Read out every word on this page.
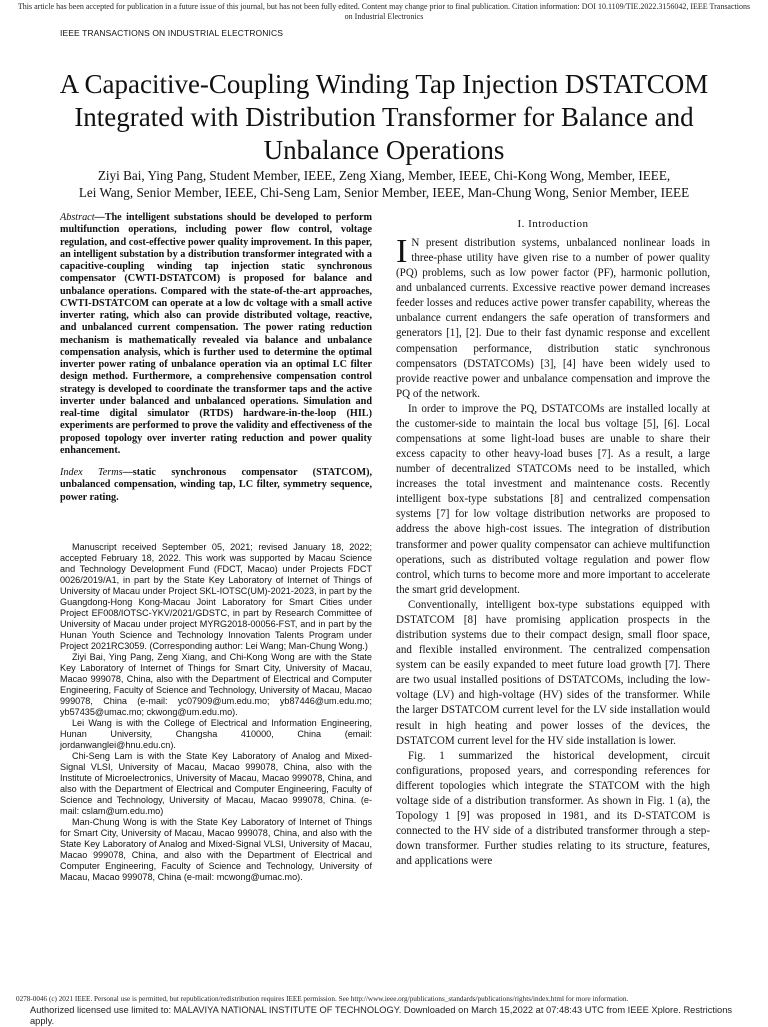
This article has been accepted for publication in a future issue of this journal, but has not been fully edited. Content may change prior to final publication. Citation information: DOI 10.1109/TIE.2022.3156042, IEEE Transactions on Industrial Electronics
IEEE TRANSACTIONS ON INDUSTRIAL ELECTRONICS
A Capacitive-Coupling Winding Tap Injection DSTATCOM Integrated with Distribution Transformer for Balance and Unbalance Operations
Ziyi Bai, Ying Pang, Student Member, IEEE, Zeng Xiang, Member, IEEE, Chi-Kong Wong, Member, IEEE,
Lei Wang, Senior Member, IEEE, Chi-Seng Lam, Senior Member, IEEE, Man-Chung Wong, Senior Member, IEEE

Abstract—The intelligent substations should be developed to perform multifunction operations, including power flow control, voltage regulation, and cost-effective power quality improvement. In this paper, an intelligent substation by a distribution transformer integrated with a capacitive-coupling winding tap injection static synchronous compensator (CWTI-DSTATCOM) is proposed for balance and unbalance operations. Compared with the state-of-the-art approaches, CWTI-DSTATCOM can operate at a low dc voltage with a small active inverter rating, which also can provide distributed voltage, reactive, and unbalanced current compensation. The power rating reduction mechanism is mathematically revealed via balance and unbalance compensation analysis, which is further used to determine the optimal inverter power rating of unbalance operation via an optimal LC filter design method. Furthermore, a comprehensive compensation control strategy is developed to coordinate the transformer taps and the active inverter under balanced and unbalanced operations. Simulation and real-time digital simulator (RTDS) hardware-in-the-loop (HIL) experiments are performed to prove the validity and effectiveness of the proposed topology over inverter rating reduction and power quality enhancement.

Index Terms—static synchronous compensator (STATCOM), unbalanced compensation, winding tap, LC filter, symmetry sequence, power rating.

Manuscript received September 05, 2021; revised January 18, 2022; accepted February 18, 2022. This work was supported by Macau Science and Technology Development Fund (FDCT, Macao) under Projects FDCT 0026/2019/A1, in part by the State Key Laboratory of Internet of Things of University of Macau under Project SKL-IOTSC(UM)-2021-2023, in part by the Guangdong-Hong Kong-Macau Joint Laboratory for Smart Cities under Project EF008/IOTSC-YKV/2021/GDSTC, in part by Research Committee of University of Macau under project MYRG2018-00056-FST, and in part by the Hunan Youth Science and Technology Innovation Talents Program under Project 2021RC3059. (Corresponding author: Lei Wang; Man-Chung Wong.)

Ziyi Bai, Ying Pang, Zeng Xiang, and Chi-Kong Wong are with the State Key Laboratory of Internet of Things for Smart City, University of Macau, Macao 999078, China, also with the Department of Electrical and Computer Engineering, Faculty of Science and Technology, University of Macau, Macao 999078, China (e-mail: yc07909@um.edu.mo; yb87446@um.edu.mo; yb57435@umac.mo; ckwong@um.edu.mo).

Lei Wang is with the College of Electrical and Information Engineering, Hunan University, Changsha 410000, China (email: jordanwanglei@hnu.edu.cn).

Chi-Seng Lam is with the State Key Laboratory of Analog and Mixed-Signal VLSI, University of Macau, Macao 999078, China, also with the Institute of Microelectronics, University of Macau, Macao 999078, China, and also with the Department of Electrical and Computer Engineering, Faculty of Science and Technology, University of Macau, Macao 999078, China. (e-mail: cslam@um.edu.mo)

Man-Chung Wong is with the State Key Laboratory of Internet of Things for Smart City, University of Macau, Macao 999078, China, and also with the State Key Laboratory of Analog and Mixed-Signal VLSI, University of Macau, Macao 999078, China, and also with the Department of Electrical and Computer Engineering, Faculty of Science and Technology, University of Macau, Macao 999078, China (e-mail: mcwong@umac.mo).

I. Introduction

I N present distribution systems, unbalanced nonlinear loads in three-phase utility have given rise to a number of power quality (PQ) problems, such as low power factor (PF), harmonic pollution, and unbalanced currents. Excessive reactive power demand increases feeder losses and reduces active power transfer capability, whereas the unbalance current endangers the safe operation of transformers and generators [1], [2]. Due to their fast dynamic response and excellent compensation performance, distribution static synchronous compensators (DSTATCOMs) [3], [4] have been widely used to provide reactive power and unbalance compensation and improve the PQ of the network.

In order to improve the PQ, DSTATCOMs are installed locally at the customer-side to maintain the local bus voltage [5], [6]. Local compensations at some light-load buses are unable to share their excess capacity to other heavy-load buses [7]. As a result, a large number of decentralized STATCOMs need to be installed, which increases the total investment and maintenance costs. Recently intelligent box-type substations [8] and centralized compensation systems [7] for low voltage distribution networks are proposed to address the above high-cost issues. The integration of distribution transformer and power quality compensator can achieve multifunction operations, such as distributed voltage regulation and power flow control, which turns to become more and more important to accelerate the smart grid development.

Conventionally, intelligent box-type substations equipped with DSTATCOM [8] have promising application prospects in the distribution systems due to their compact design, small floor space, and flexible installed environment. The centralized compensation system can be easily expanded to meet future load growth [7]. There are two usual installed positions of DSTATCOMs, including the low-voltage (LV) and high-voltage (HV) sides of the transformer. While the larger DSTATCOM current level for the LV side installation would result in high heating and power losses of the devices, the DSTATCOM current level for the HV side installation is lower.

Fig. 1 summarized the historical development, circuit configurations, proposed years, and corresponding references for different topologies which integrate the STATCOM with the high voltage side of a distribution transformer. As shown in Fig. 1 (a), the Topology 1 [9] was proposed in 1981, and its D-STATCOM is connected to the HV side of a distributed transformer through a step-down transformer. Further studies relating to its structure, features, and applications were

0278-0046 (c) 2021 IEEE. Personal use is permitted, but republication/redistribution requires IEEE permission. See http://www.ieee.org/publications_standards/publications/rights/index.html for more information.
Authorized licensed use limited to: MALAVIYA NATIONAL INSTITUTE OF TECHNOLOGY. Downloaded on March 15,2022 at 07:48:43 UTC from IEEE Xplore. Restrictions apply.
